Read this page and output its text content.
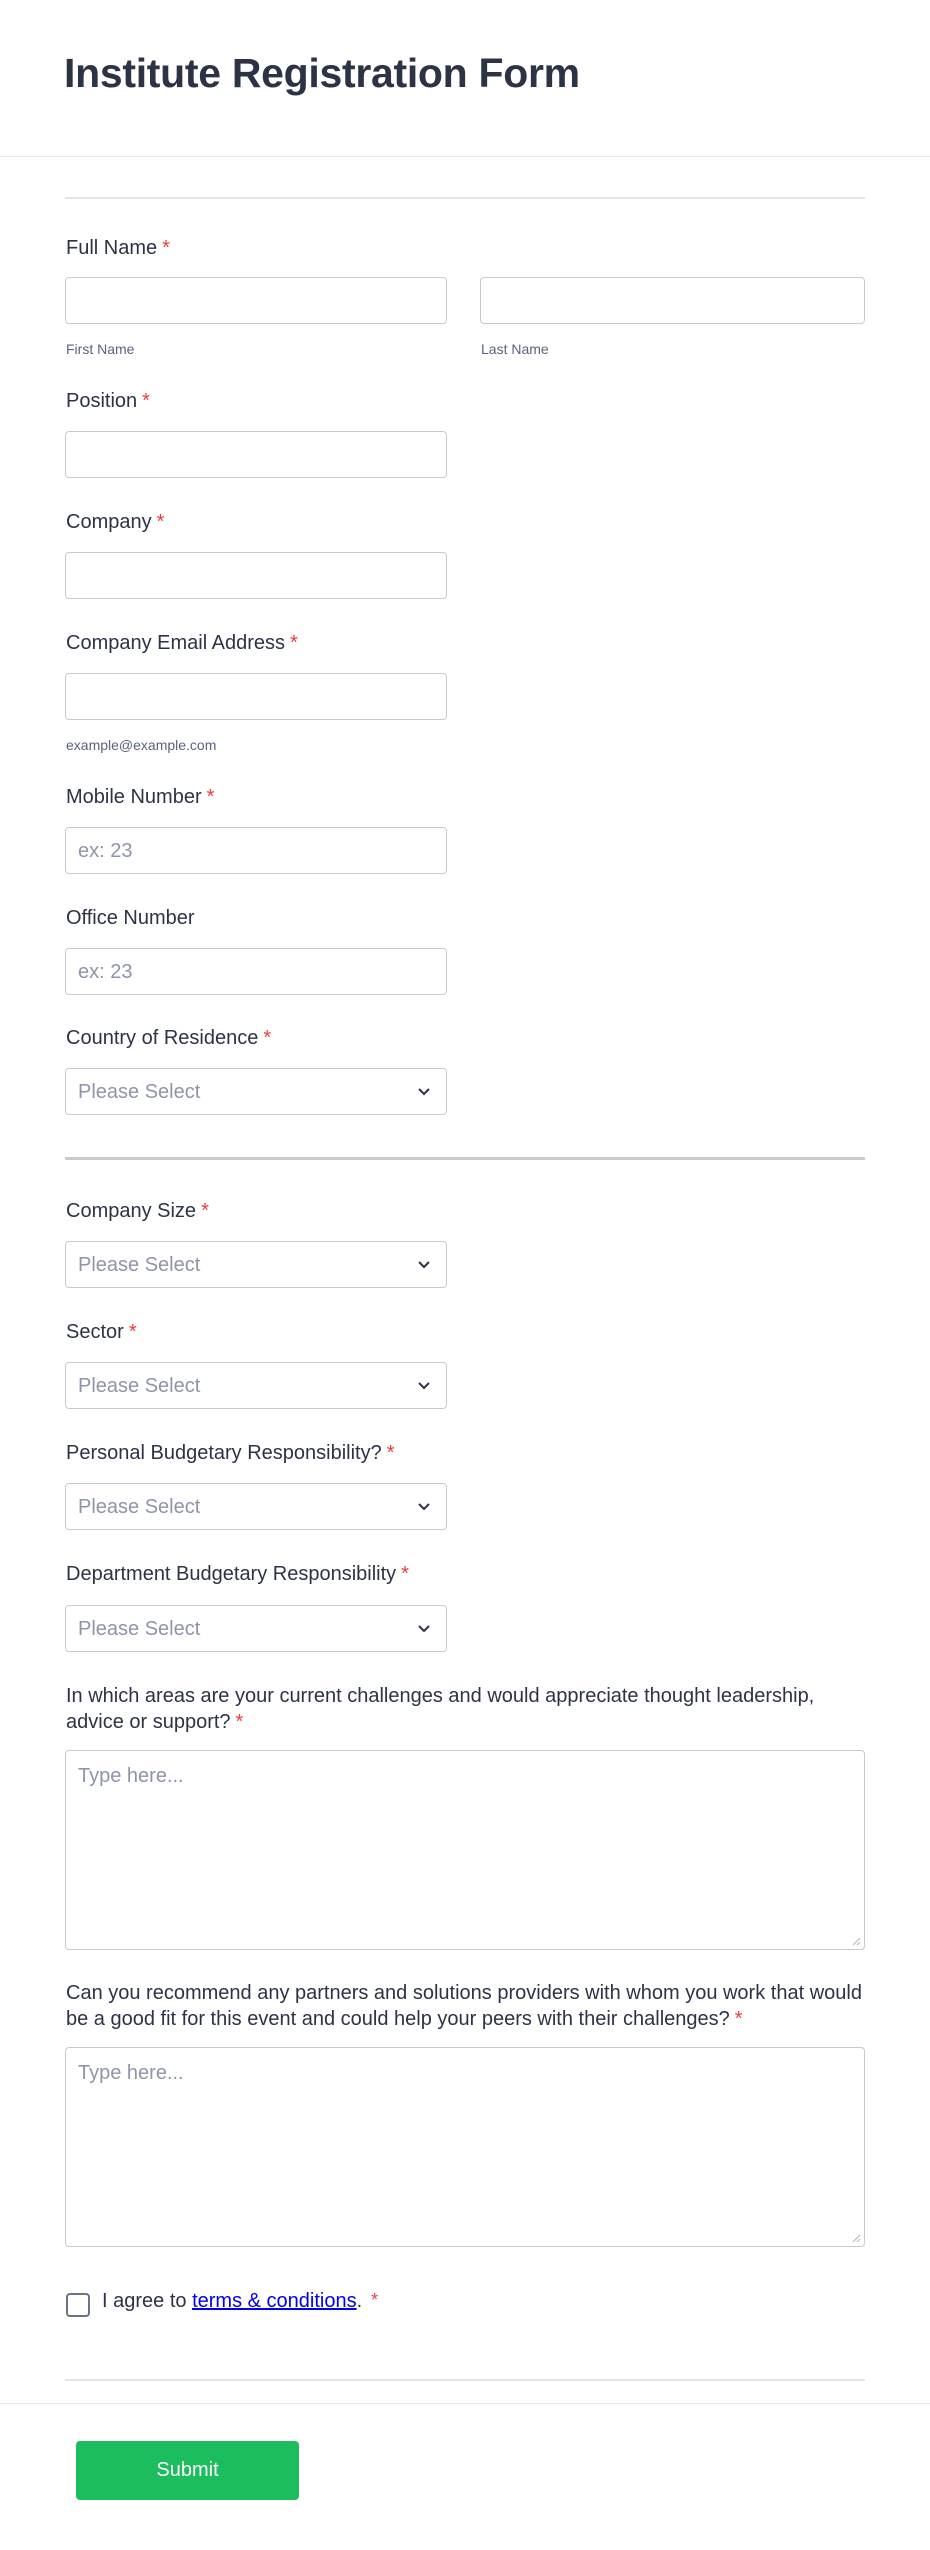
Institute Registration Form
Full Name *
First Name	Last Name
Position *
Company *
Company Email Address *
example@example.com
Mobile Number *
ex: 23
Office Number
ex: 23
Country of Residence *
Please Select
Company Size *
Please Select
Sector *
Please Select
Personal Budgetary Responsibility? *
Please Select
Department Budgetary Responsibility *
Please Select
In which areas are your current challenges and would appreciate thought leadership, advice or support? *
Type here...
Can you recommend any partners and solutions providers with whom you work that would be a good fit for this event and could help your peers with their challenges? *
Type here...
I agree to terms & conditions. *
Submit
